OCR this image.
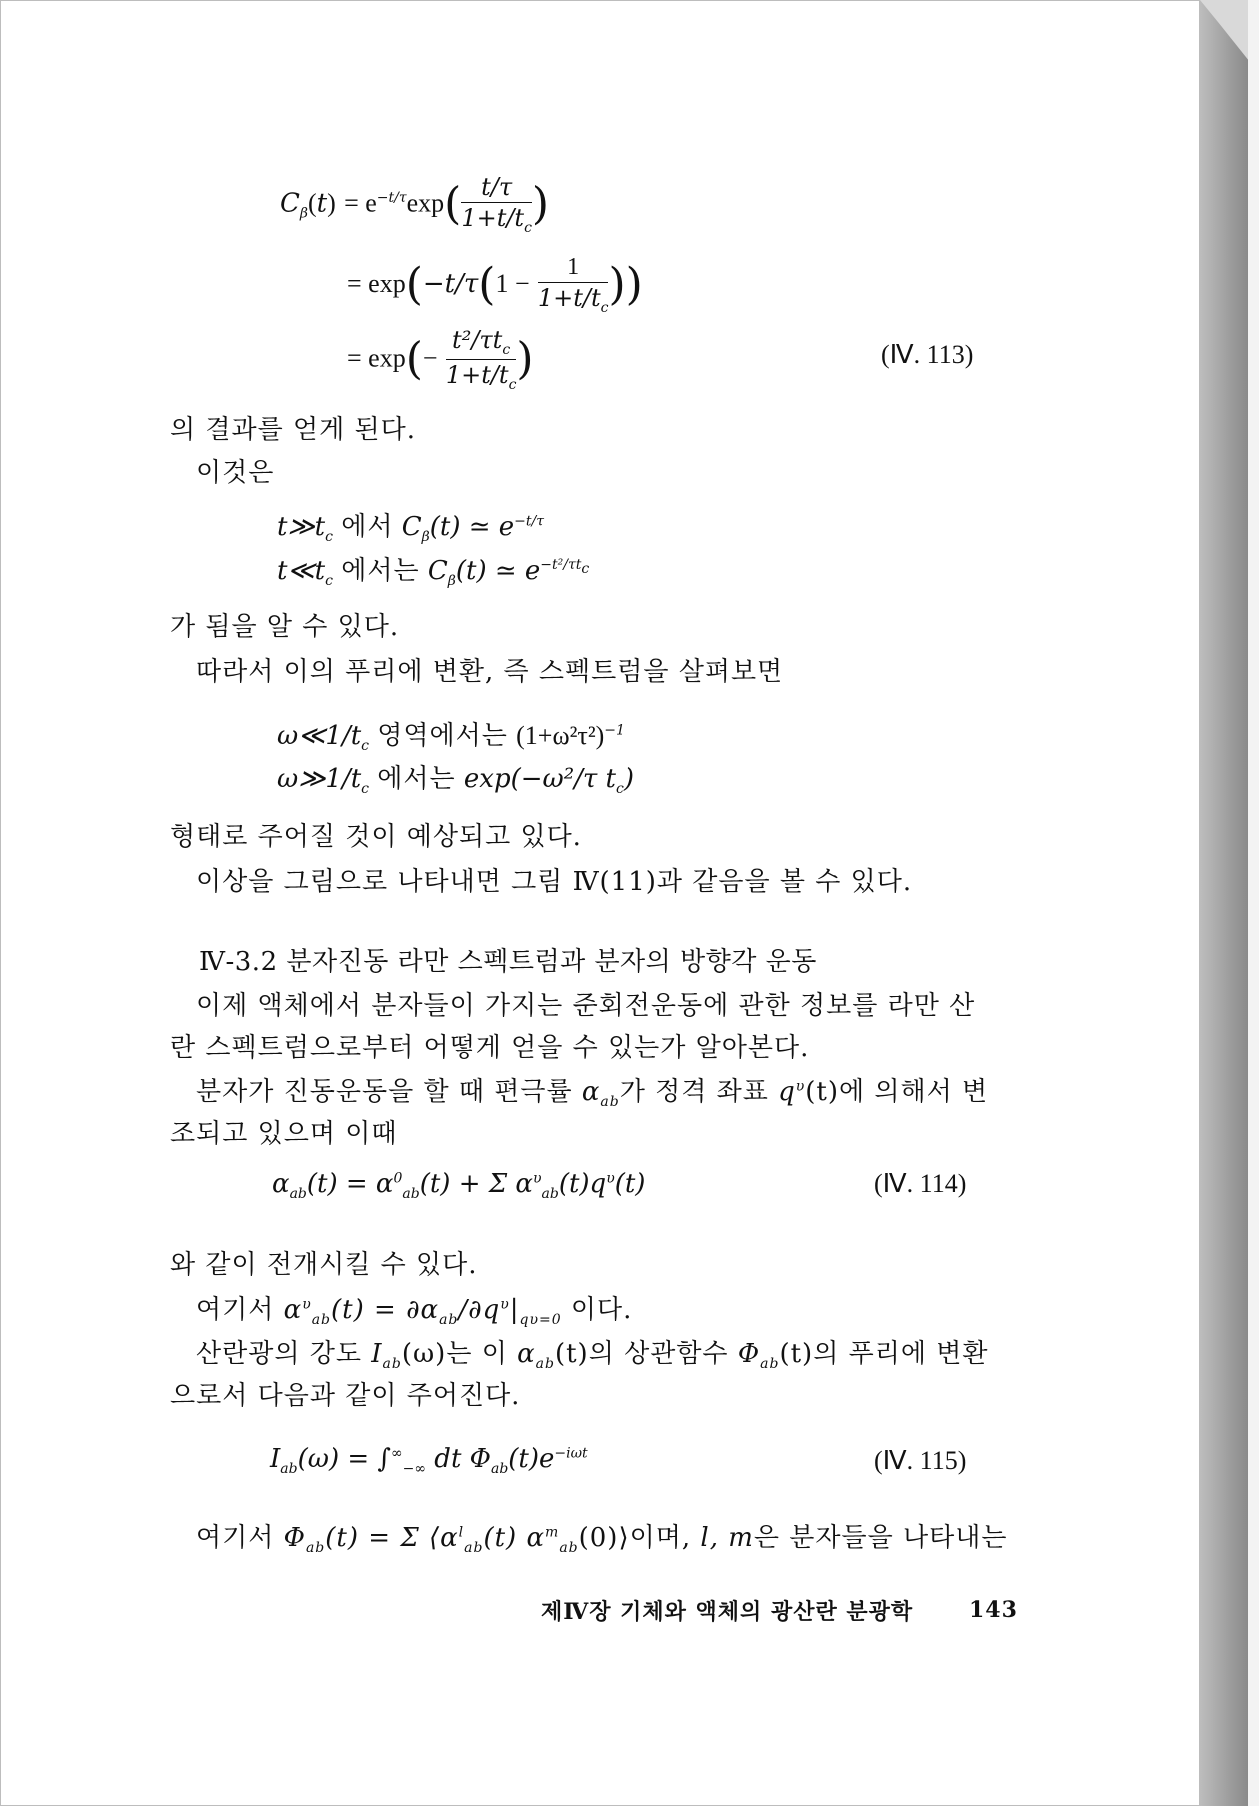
$C_\beta(t) = e^{-t/\tau}\exp( \frac{t/\tau}{1+t/t_c}$ )
= $\exp(-t/\tau(1 - \frac{1}{1+t/t_c}$ ))
= $\exp(- \frac{t^2/\tau t_c}{1+t/t_c}$ )	(Ⅳ. 113)
의 결과를 얻게 된다.
이것은
$t≫t_c$ 에서 $C_\beta(t)$ ≃ $e^{-t/\tau}$
$t≪t_c$ 에서는 $C_\beta(t)$ ≃ $e^{-t^2/\tau t_c}$
가 됨을 알 수 있다.
따라서 이의 푸리에 변환, 즉 스펙트럼을 살펴보면
$\omega≪1/t_c$ 영역에서는 $(1+\omega^2\tau^2)^{-1}$
$\omega≫1/t_c$ 에서는 exp(−ω²/τ $t_c$)
형태로 주어질 것이 예상되고 있다.
이상을 그림으로 나타내면 그림 Ⅳ(11)과 같음을 볼 수 있다.
Ⅳ-3.2 분자진동 라만 스펙트럼과 분자의 방향각 운동
이제 액체에서 분자들이 가지는 준회전운동에 관한 정보를 라만 산
란 스펙트럼으로부터 어떻게 얻을 수 있는가 알아본다.
분자가 진동운동을 할 때 편극률 $\alpha_{ab}$가 정격 좌표 $q^\upsilon(t)$에 의해서 변
조되고 있으며 이때
$\alpha_{ab}(t) = \alpha^0_{ab}(t) + \Sigma$ $\alpha^\upsilon_{ab}(t)q^\upsilon(t)$	(Ⅳ. 114)
와 같이 전개시킬 수 있다.
여기서 $\alpha^\upsilon_{ab}(t) = \partial\alpha_{ab}/\partial q^\upsilon|_{q\upsilon=0}$ 이다.
산란광의 강도 $I_{ab}(\omega)$는 이 $\alpha_{ab}(t)$의 상관함수 $\Phi_{ab}(t)$의 푸리에 변환
으로서 다음과 같이 주어진다.
$I_{ab}(\omega) = \int^\infty_{-\infty}$ dt $\Phi_{ab}(t)e^{-i\omega t}$	(Ⅳ. 115)
여기서 $\Phi_{ab}(t) = \Sigma$ $⟨\alpha^l_{ab}(t)$ $\alpha^m_{ab}(0)⟩$이며, l, m은 분자들을 나타내는
제Ⅳ장 기체와 액체의 광산란 분광학	143
